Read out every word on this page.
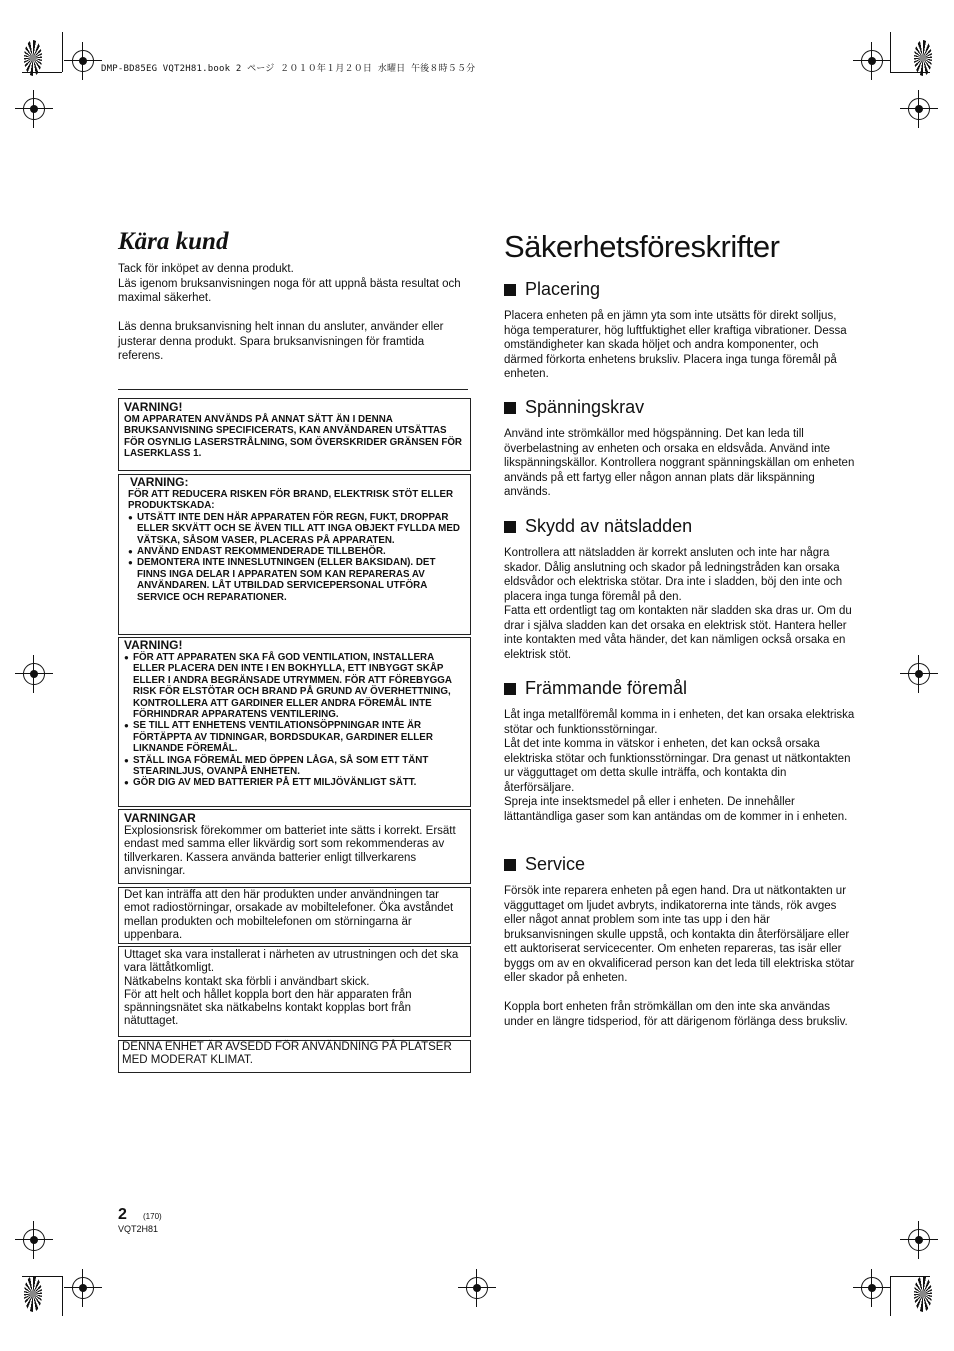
DMP-BD85EG VQT2H81.book 2 ページ ２０１０年１月２０日 水曜日 午後８時５５分
Kära kund

Tack för inköpet av denna produkt.
Läs igenom bruksanvisningen noga för att uppnå bästa resultat och maximal säkerhet.

Läs denna bruksanvisning helt innan du ansluter, använder eller justerar denna produkt. Spara bruksanvisningen för framtida referens.

VARNING!
OM APPARATEN ANVÄNDS PÅ ANNAT SÄTT ÄN I DENNA BRUKSANVISNING SPECIFICERATS, KAN ANVÄNDAREN UTSÄTTAS FÖR OSYNLIG LASERSTRÅLNING, SOM ÖVERSKRIDER GRÄNSEN FÖR LASERKLASS 1.
VARNING:
FÖR ATT REDUCERA RISKEN FÖR BRAND, ELEKTRISK STÖT ELLER PRODUKTSKADA:
● UTSÄTT INTE DEN HÄR APPARATEN FÖR REGN, FUKT, DROPPAR ELLER SKVÄTT OCH SE ÄVEN TILL ATT INGA OBJEKT FYLLDA MED VÄTSKA, SÅSOM VASER, PLACERAS PÅ APPARATEN.
● ANVÄND ENDAST REKOMMENDERADE TILLBEHÖR.
● DEMONTERA INTE INNESLUTNINGEN (ELLER BAKSIDAN). DET FINNS INGA DELAR I APPARATEN SOM KAN REPARERAS AV ANVÄNDAREN. LÅT UTBILDAD SERVICEPERSONAL UTFÖRA SERVICE OCH REPARATIONER.
VARNING!
● FÖR ATT APPARATEN SKA FÅ GOD VENTILATION, INSTALLERA ELLER PLACERA DEN INTE I EN BOKHYLLA, ETT INBYGGT SKÅP ELLER I ANDRA BEGRÄNSADE UTRYMMEN. FÖR ATT FÖREBYGGA RISK FÖR ELSTÖTAR OCH BRAND PÅ GRUND AV ÖVERHETTNING, KONTROLLERA ATT GARDINER ELLER ANDRA FÖREMÅL INTE FÖRHINDRAR APPARATENS VENTILERING.
● SE TILL ATT ENHETENS VENTILATIONSÖPPNINGAR INTE ÄR FÖRTÄPPTA AV TIDNINGAR, BORDSDUKAR, GARDINER ELLER LIKNANDE FÖREMÅL.
● STÄLL INGA FÖREMÅL MED ÖPPEN LÅGA, SÅ SOM ETT TÄNT STEARINLJUS, OVANPÅ ENHETEN.
● GÖR DIG AV MED BATTERIER PÅ ETT MILJÖVÄNLIGT SÄTT.
VARNINGAR
Explosionsrisk förekommer om batteriet inte sätts i korrekt. Ersätt endast med samma eller likvärdig sort som rekommenderas av tillverkaren. Kassera använda batterier enligt tillverkarens anvisningar.
Det kan inträffa att den här produkten under användningen tar emot radiostörningar, orsakade av mobiltelefoner. Öka avståndet mellan produkten och mobiltelefonen om störningarna är uppenbara.
Uttaget ska vara installerat i närheten av utrustningen och det ska vara lättåtkomligt.
Nätkabelns kontakt ska förbli i användbart skick.
För att helt och hållet koppla bort den här apparaten från spänningsnätet ska nätkabelns kontakt kopplas bort från nätuttaget.
DENNA ENHET ÄR AVSEDD FÖR ANVÄNDNING PÅ PLATSER MED MODERAT KLIMAT.
Säkerhetsföreskrifter
Placering

Placera enheten på en jämn yta som inte utsätts för direkt solljus, höga temperaturer, hög luftfuktighet eller kraftiga vibrationer. Dessa omständigheter kan skada höljet och andra komponenter, och därmed förkorta enhetens bruksliv. Placera inga tunga föremål på enheten.

Spänningskrav

Använd inte strömkällor med högspänning. Det kan leda till överbelastning av enheten och orsaka en eldsvåda. Använd inte likspänningskällor. Kontrollera noggrant spänningskällan om enheten används på ett fartyg eller någon annan plats där likspänning används.

Skydd av nätsladden

Kontrollera att nätsladden är korrekt ansluten och inte har några skador. Dålig anslutning och skador på ledningstråden kan orsaka eldsvådor och elektriska stötar. Dra inte i sladden, böj den inte och placera inga tunga föremål på den.
Fatta ett ordentligt tag om kontakten när sladden ska dras ur. Om du drar i själva sladden kan det orsaka en elektrisk stöt. Hantera heller inte kontakten med våta händer, det kan nämligen också orsaka en elektrisk stöt.

Främmande föremål

Låt inga metallföremål komma in i enheten, det kan orsaka elektriska stötar och funktionsstörningar.
Låt det inte komma in vätskor i enheten, det kan också orsaka elektriska stötar och funktionsstörningar. Dra genast ut nätkontakten ur vägguttaget om detta skulle inträffa, och kontakta din återförsäljare.
Spreja inte insektsmedel på eller i enheten. De innehåller lättantändliga gaser som kan antändas om de kommer in i enheten.

Service

Försök inte reparera enheten på egen hand. Dra ut nätkontakten ur vägguttaget om ljudet avbryts, indikatorerna inte tänds, rök avges eller något annat problem som inte tas upp i den här bruksanvisningen skulle uppstå, och kontakta din återförsäljare eller ett auktoriserat servicecenter. Om enheten repareras, tas isär eller byggs om av en okvalificerad person kan det leda till elektriska stötar eller skador på enheten.

Koppla bort enheten från strömkällan om den inte ska användas under en längre tidsperiod, för att därigenom förlänga dess bruksliv.

2 (170)
VQT2H81
